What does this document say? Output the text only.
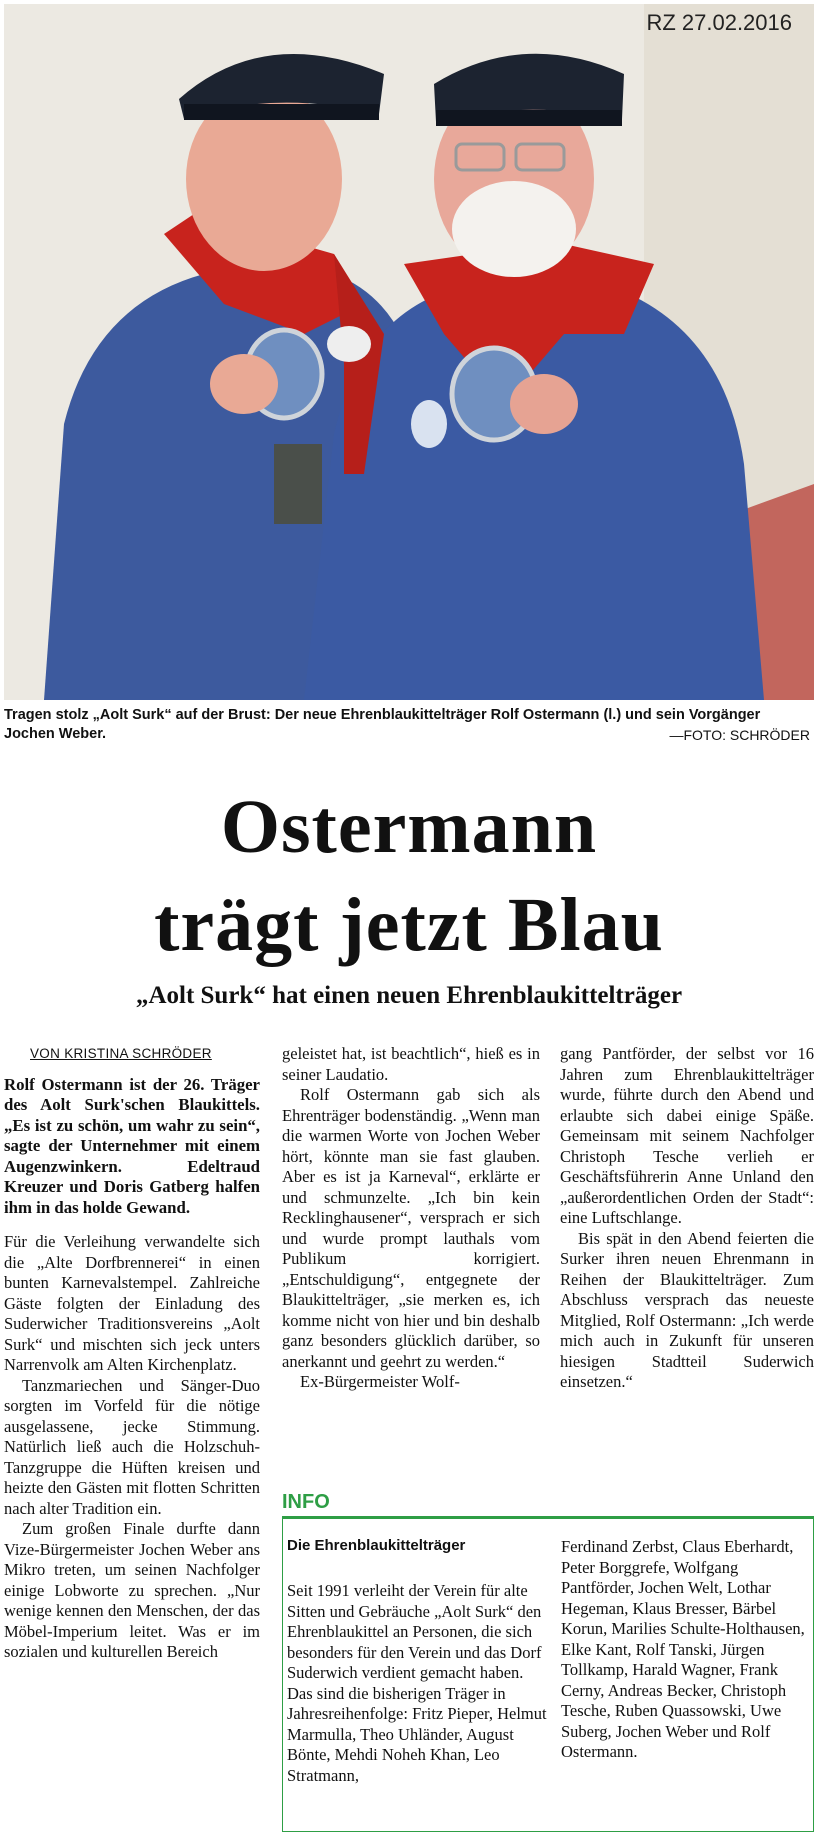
RZ 27.02.2016
Tragen stolz „Aolt Surk“ auf der Brust: Der neue Ehrenblaukittelträger Rolf Ostermann (l.) und sein Vorgänger Jochen Weber.	—FOTO: SCHRÖDER
Ostermann
trägt jetzt Blau
„Aolt Surk“ hat einen neuen Ehrenblaukittelträger
VON KRISTINA SCHRÖDER

Rolf Ostermann ist der 26. Träger des Aolt Surk'schen Blaukittels. „Es ist zu schön, um wahr zu sein“, sagte der Unternehmer mit einem Augenzwinkern. Edeltraud Kreuzer und Doris Gatberg halfen ihm in das holde Gewand.

Für die Verleihung verwandelte sich die „Alte Dorfbrennerei“ in einen bunten Karnevalstempel. Zahlreiche Gäste folgten der Einladung des Suderwicher Traditionsvereins „Aolt Surk“ und mischten sich jeck unters Narrenvolk am Alten Kirchenplatz.

Tanzmariechen und Sänger-Duo sorgten im Vorfeld für die nötige ausgelassene, jecke Stimmung. Natürlich ließ auch die Holzschuh-Tanzgruppe die Hüften kreisen und heizte den Gästen mit flotten Schritten nach alter Tradition ein.

Zum großen Finale durfte dann Vize-Bürgermeister Jochen Weber ans Mikro treten, um seinen Nachfolger einige Lobworte zu sprechen. „Nur wenige kennen den Menschen, der das Möbel-Imperium leitet. Was er im sozialen und kulturellen Bereich

geleistet hat, ist beachtlich“, hieß es in seiner Laudatio.

Rolf Ostermann gab sich als Ehrenträger bodenständig. „Wenn man die warmen Worte von Jochen Weber hört, könnte man sie fast glauben. Aber es ist ja Karneval“, erklärte er und schmunzelte. „Ich bin kein Recklinghausener“, versprach er sich und wurde prompt lauthals vom Publikum korrigiert. „Entschuldigung“, entgegnete der Blaukittelträger, „sie merken es, ich komme nicht von hier und bin deshalb ganz besonders glücklich darüber, so anerkannt und geehrt zu werden.“

Ex-Bürgermeister Wolf-

gang Pantförder, der selbst vor 16 Jahren zum Ehrenblaukittelträger wurde, führte durch den Abend und erlaubte sich dabei einige Späße. Gemeinsam mit seinem Nachfolger Christoph Tesche verlieh er Geschäftsführerin Anne Unland den „außerordentlichen Orden der Stadt“: eine Luftschlange.

Bis spät in den Abend feierten die Surker ihren neuen Ehrenmann in Reihen der Blaukittelträger. Zum Abschluss versprach das neueste Mitglied, Rolf Ostermann: „Ich werde mich auch in Zukunft für unseren hiesigen Stadtteil Suderwich einsetzen.“

INFO
Die Ehrenblaukittelträger
Seit 1991 verleiht der Verein für alte Sitten und Gebräuche „Aolt Surk“ den Ehrenblaukittel an Personen, die sich besonders für den Verein und das Dorf Suderwich verdient gemacht haben. Das sind die bisherigen Träger in Jahresreihenfolge: Fritz Pieper, Helmut Marmulla, Theo Uhländer, August Bönte, Mehdi Noheh Khan, Leo Stratmann,
Ferdinand Zerbst, Claus Eberhardt, Peter Borggrefe, Wolfgang Pantförder, Jochen Welt, Lothar Hegeman, Klaus Bresser, Bärbel Korun, Marilies Schulte-Holthausen, Elke Kant, Rolf Tanski, Jürgen Tollkamp, Harald Wagner, Frank Cerny, Andreas Becker, Christoph Tesche, Ruben Quassowski, Uwe Suberg, Jochen Weber und Rolf Ostermann.
